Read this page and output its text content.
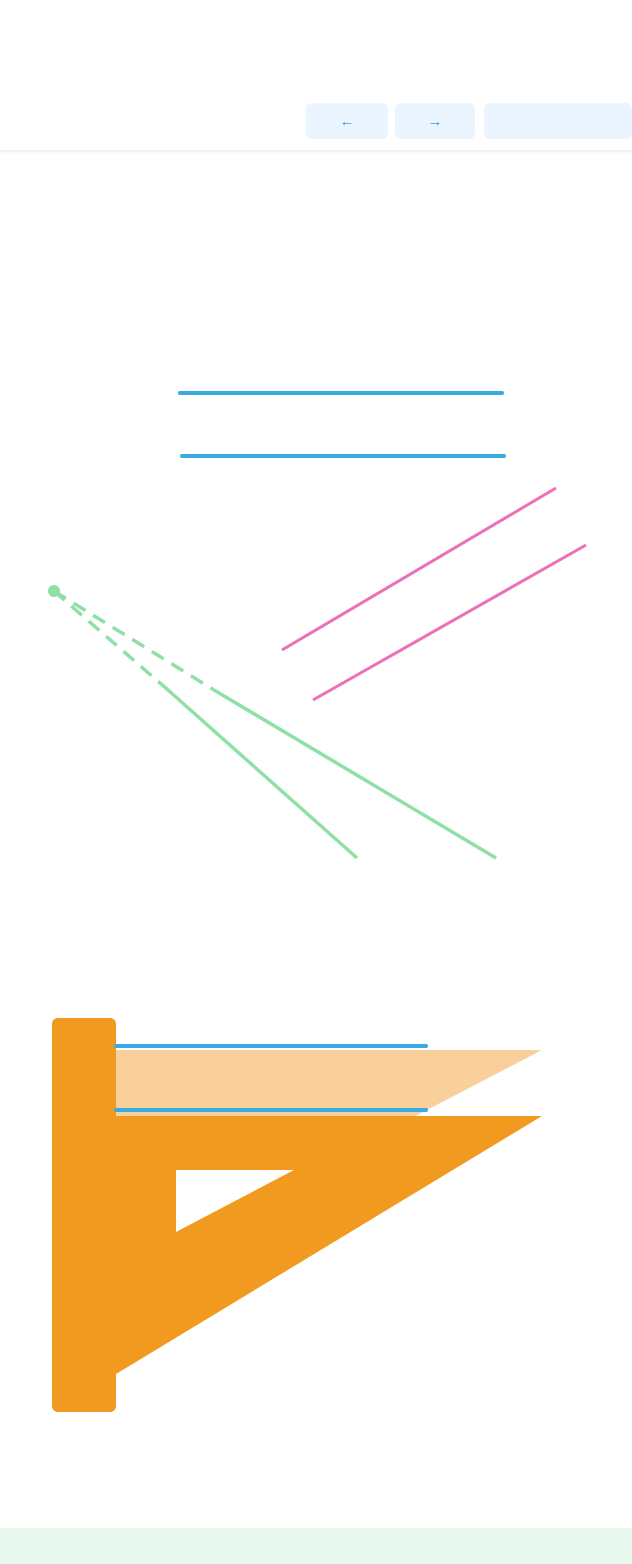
←	→
